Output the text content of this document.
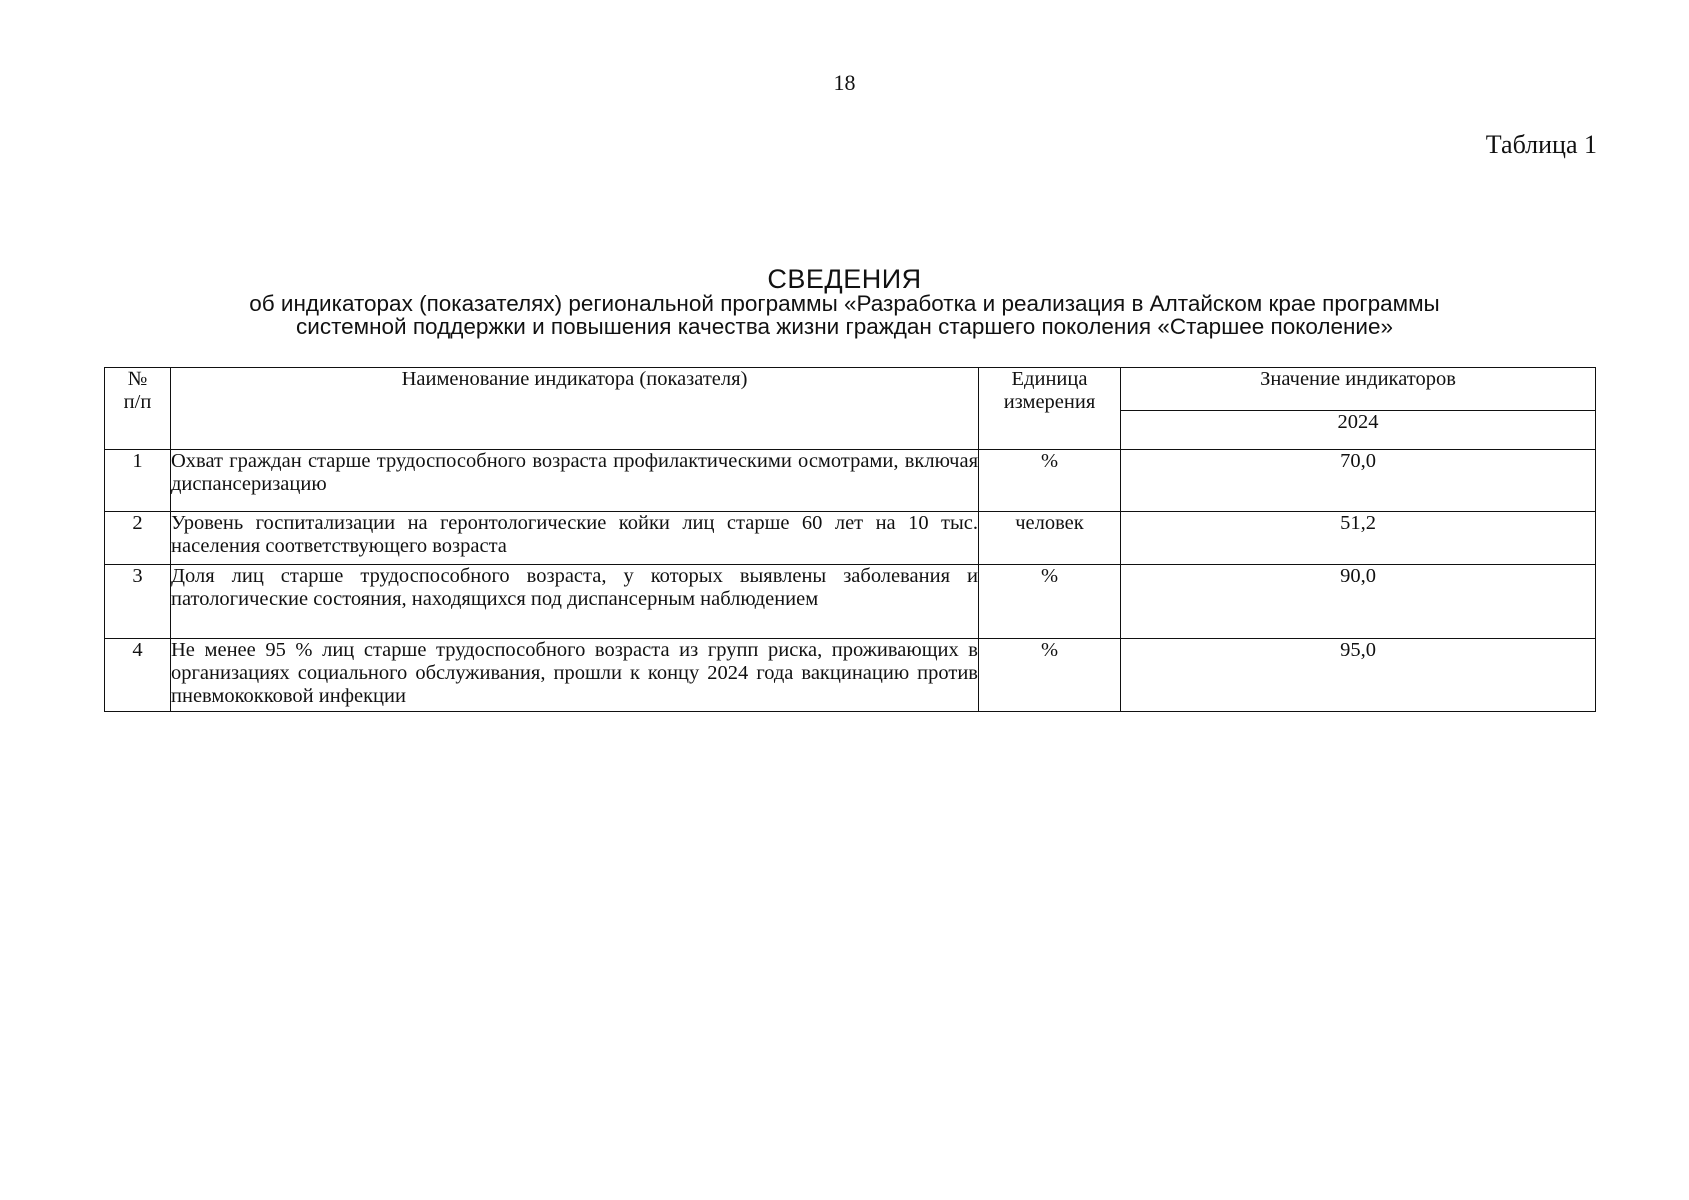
18
Таблица 1
СВЕДЕНИЯ
об индикаторах (показателях) региональной программы «Разработка и реализация в Алтайском крае программы
системной поддержки и повышения качества жизни граждан старшего поколения «Старшее поколение»
№ п/п	Наименование индикатора (показателя)	Единица измерения	Значение индикаторов
			2024
1	Охват граждан старше трудоспособного возраста профилактическими осмотрами, включая диспансеризацию	%	70,0
2	Уровень госпитализации на геронтологические койки лиц старше 60 лет на 10 тыс. населения соответствующего возраста	человек	51,2
3	Доля лиц старше трудоспособного возраста, у которых выявлены заболевания и патологические состояния, находящихся под диспансерным наблюдением	%	90,0
4	Не менее 95 % лиц старше трудоспособного возраста из групп риска, проживающих в организациях социального обслуживания, прошли к концу 2024 года вакцинацию против пневмококковой инфекции	%	95,0
